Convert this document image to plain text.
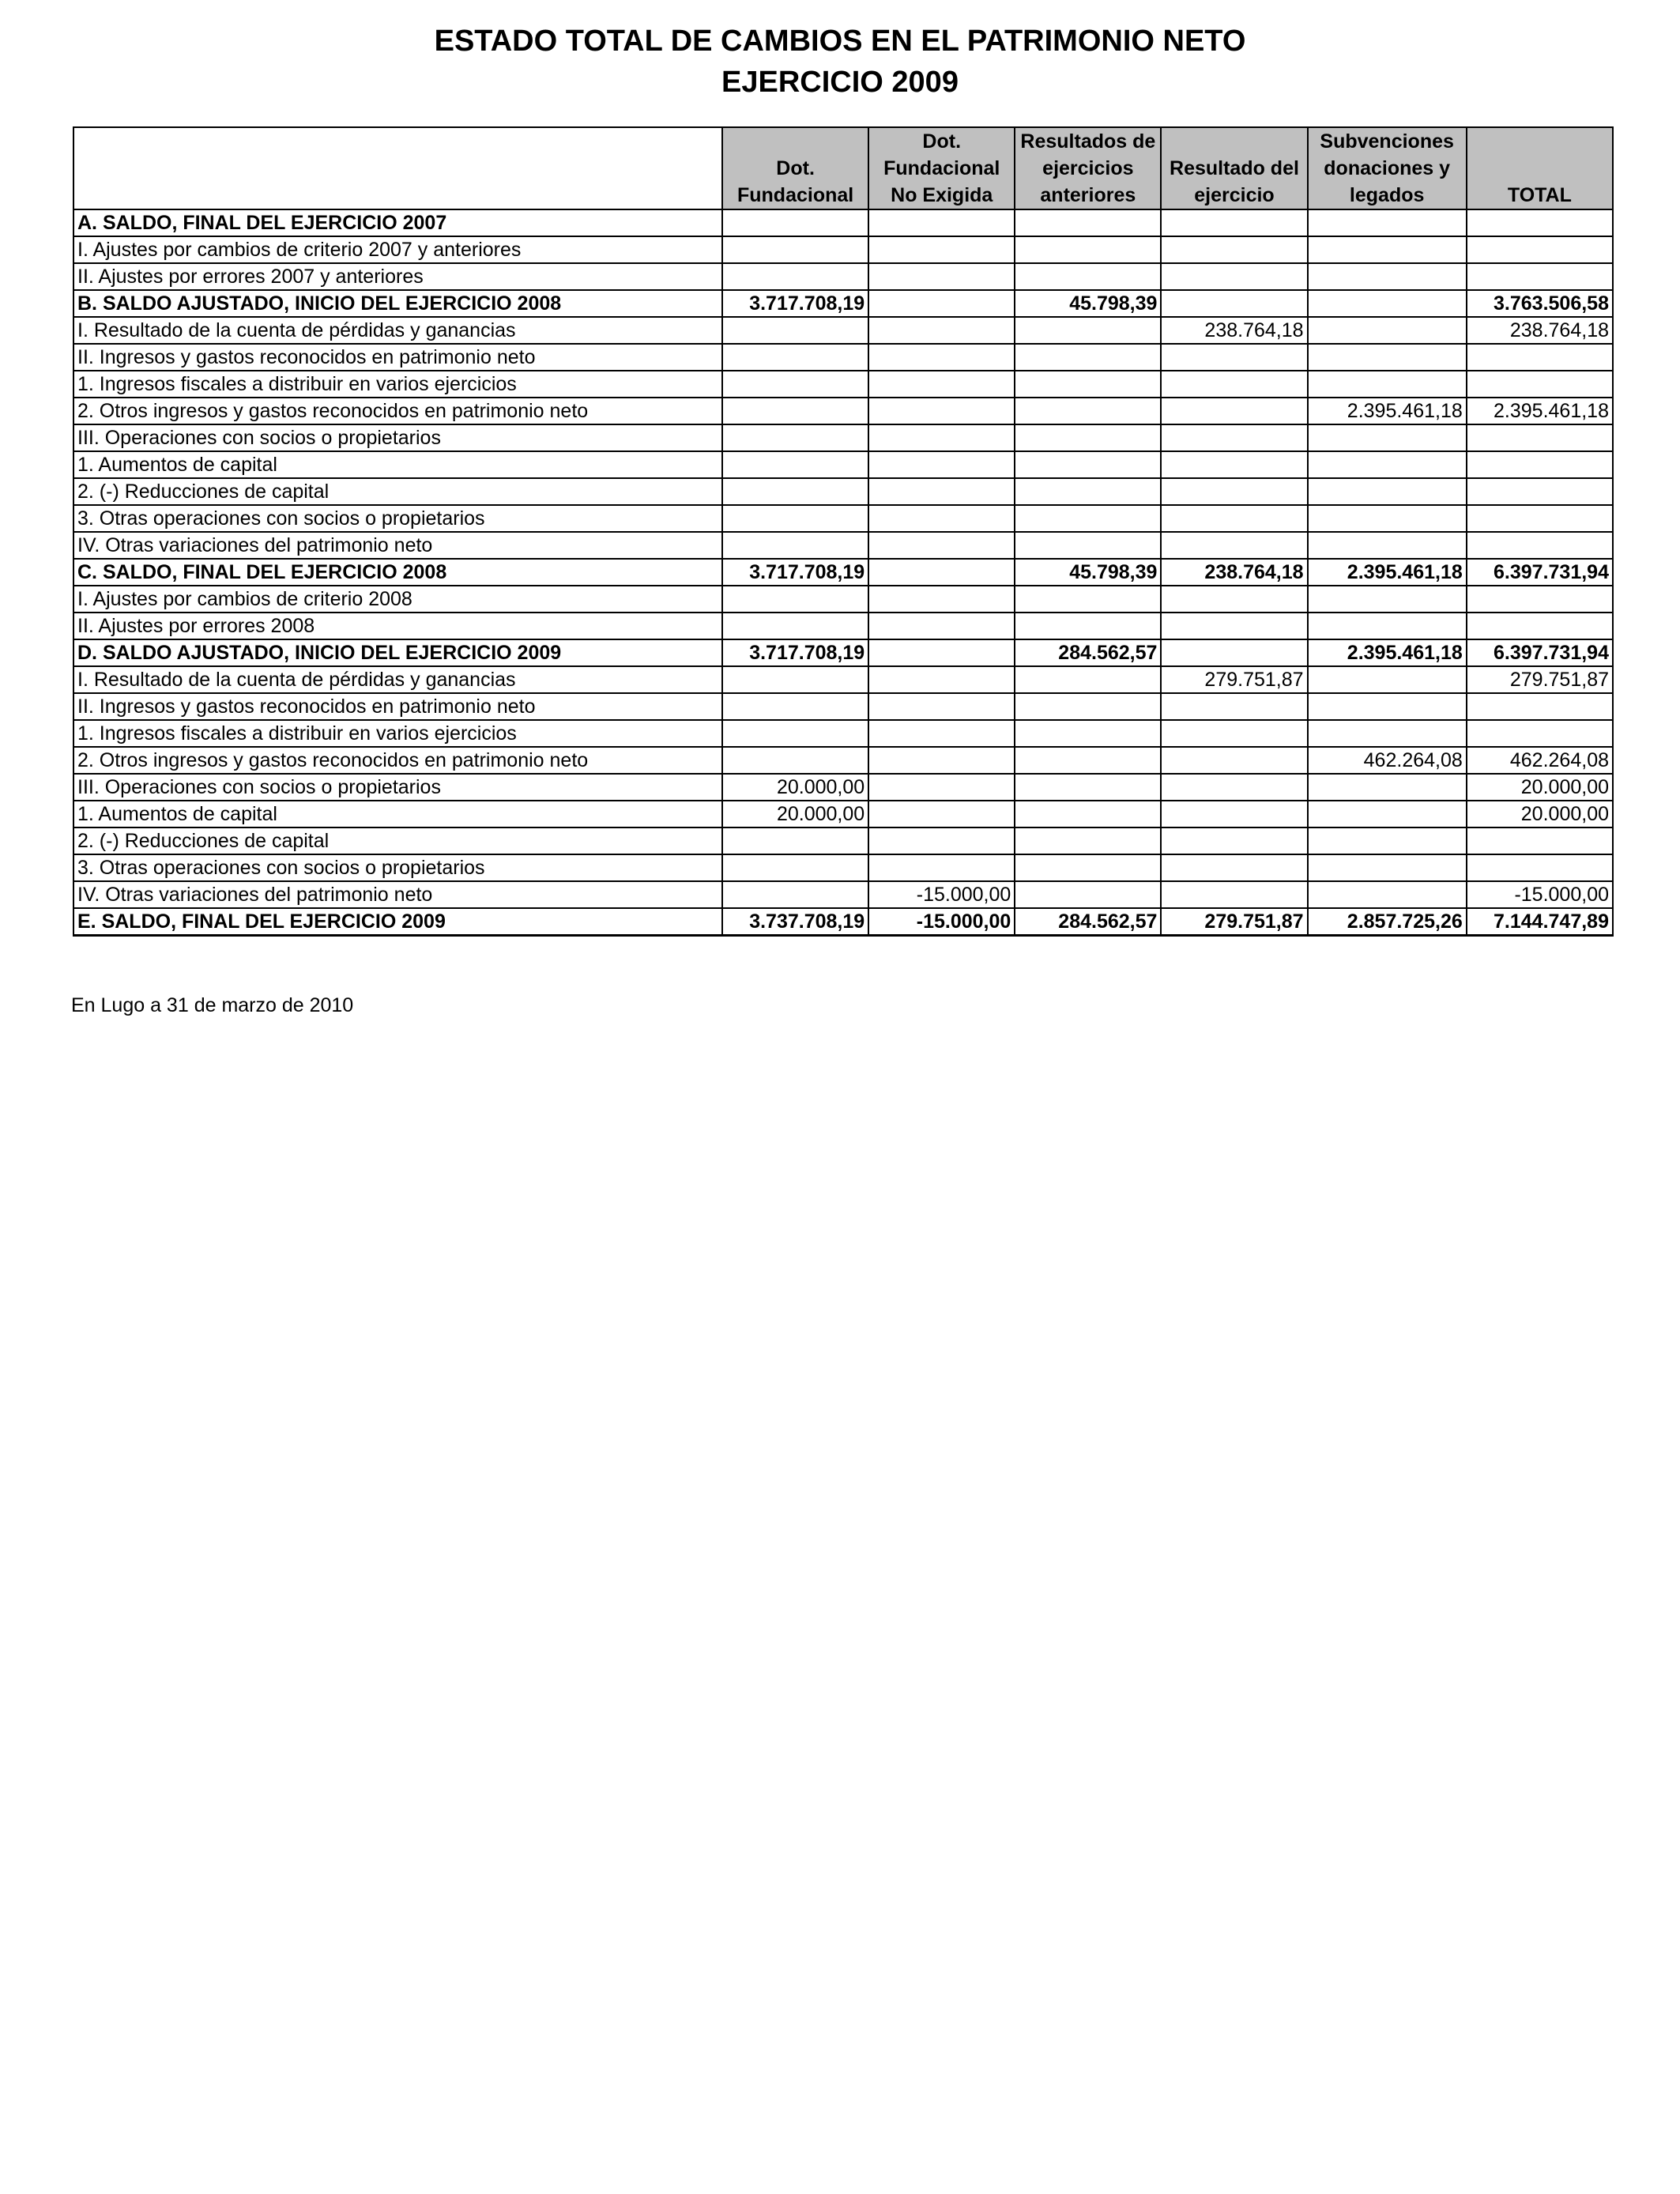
ESTADO TOTAL DE CAMBIOS EN EL PATRIMONIO NETO
EJERCICIO 2009
	Dot. Fundacional	Dot. Fundacional No Exigida	Resultados de ejercicios anteriores	Resultado del ejercicio	Subvenciones donaciones y legados	TOTAL
A. SALDO, FINAL DEL EJERCICIO 2007						
I. Ajustes por cambios de criterio 2007 y anteriores						
II. Ajustes por errores 2007 y anteriores						
B. SALDO AJUSTADO, INICIO DEL EJERCICIO 2008	3.717.708,19		45.798,39			3.763.506,58
I. Resultado de la cuenta de pérdidas y ganancias				238.764,18		238.764,18
II. Ingresos y gastos reconocidos en patrimonio neto						
1. Ingresos fiscales a distribuir en varios ejercicios						
2. Otros ingresos y gastos reconocidos en patrimonio neto					2.395.461,18	2.395.461,18
III. Operaciones con socios o propietarios						
1. Aumentos de capital						
2. (-) Reducciones de capital						
3. Otras operaciones con socios o propietarios						
IV. Otras variaciones del patrimonio neto						
C. SALDO, FINAL DEL EJERCICIO 2008	3.717.708,19		45.798,39	238.764,18	2.395.461,18	6.397.731,94
I. Ajustes por cambios de criterio 2008						
II. Ajustes por errores 2008						
D. SALDO AJUSTADO, INICIO DEL EJERCICIO 2009	3.717.708,19		284.562,57		2.395.461,18	6.397.731,94
I. Resultado de la cuenta de pérdidas y ganancias				279.751,87		279.751,87
II. Ingresos y gastos reconocidos en patrimonio neto						
1. Ingresos fiscales a distribuir en varios ejercicios						
2. Otros ingresos y gastos reconocidos en patrimonio neto					462.264,08	462.264,08
III. Operaciones con socios o propietarios	20.000,00					20.000,00
1. Aumentos de capital	20.000,00					20.000,00
2. (-) Reducciones de capital						
3. Otras operaciones con socios o propietarios						
IV. Otras variaciones del patrimonio neto		-15.000,00				-15.000,00
E. SALDO, FINAL DEL EJERCICIO 2009	3.737.708,19	-15.000,00	284.562,57	279.751,87	2.857.725,26	7.144.747,89
En Lugo a 31 de marzo de 2010
